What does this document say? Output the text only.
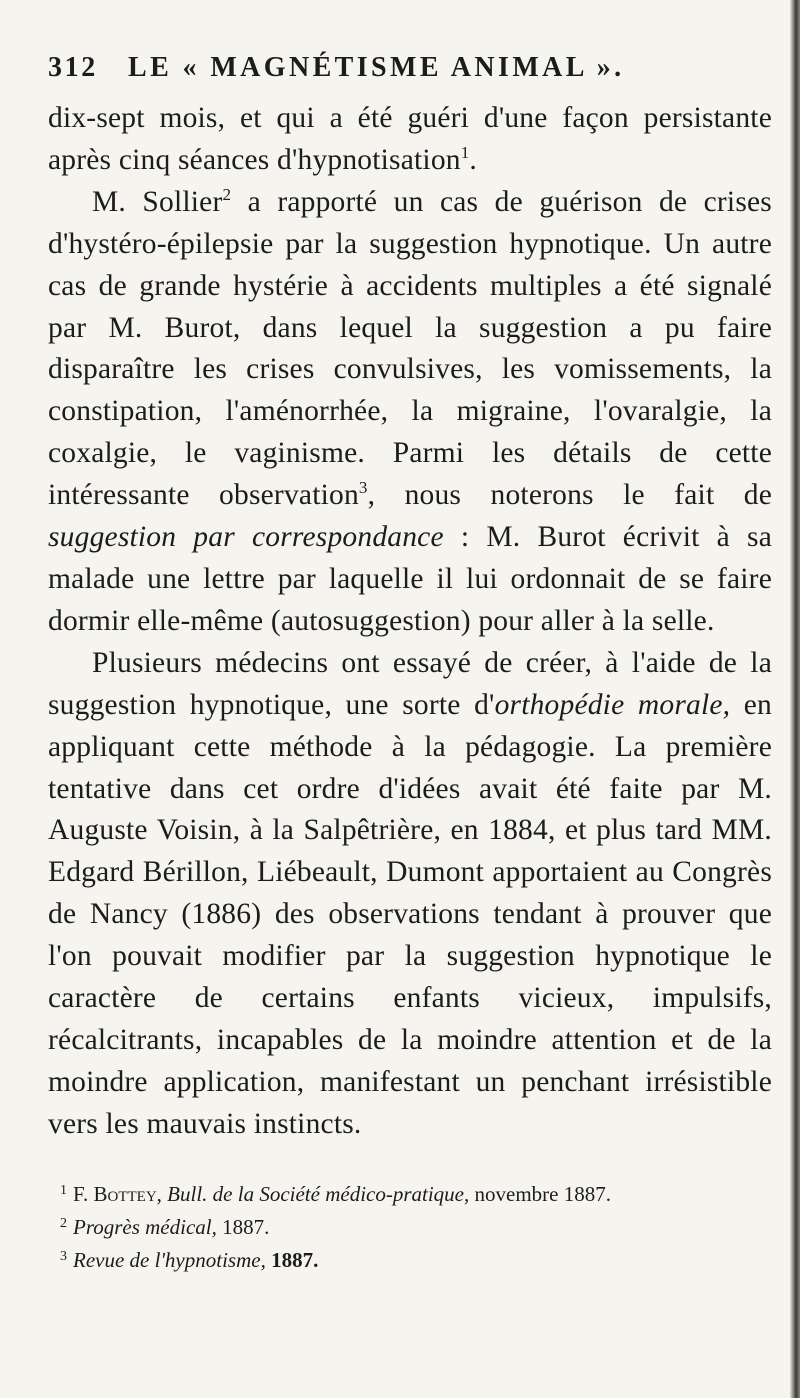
312	LE « MAGNÉTISME ANIMAL ».

dix-sept mois, et qui a été guéri d'une façon persistante après cinq séances d'hypnotisation$^1$.

M. Sollier$^2$ a rapporté un cas de guérison de crises d'hystéro-épilepsie par la suggestion hypnotique. Un autre cas de grande hystérie à accidents multiples a été signalé par M. Burot, dans lequel la suggestion a pu faire disparaître les crises convulsives, les vomissements, la constipation, l'aménorrhée, la migraine, l'ovaralgie, la coxalgie, le vaginisme. Parmi les détails de cette intéressante observation$^3$, nous noterons le fait de suggestion par correspondance : M. Burot écrivit à sa malade une lettre par laquelle il lui ordonnait de se faire dormir elle-même (autosuggestion) pour aller à la selle.

Plusieurs médecins ont essayé de créer, à l'aide de la suggestion hypnotique, une sorte d'orthopédie morale, en appliquant cette méthode à la pédagogie. La première tentative dans cet ordre d'idées avait été faite par M. Auguste Voisin, à la Salpêtrière, en 1884, et plus tard MM. Edgard Bérillon, Liébeault, Dumont apportaient au Congrès de Nancy (1886) des observations tendant à prouver que l'on pouvait modifier par la suggestion hypnotique le caractère de certains enfants vicieux, impulsifs, récalcitrants, incapables de la moindre attention et de la moindre application, manifestant un penchant irrésistible vers les mauvais instincts.

$^1$ F. Bottey, Bull. de la Société médico-pratique, novembre 1887.

$^2$ Progrès médical, 1887.

$^3$ Revue de l'hypnotisme, 1887.
